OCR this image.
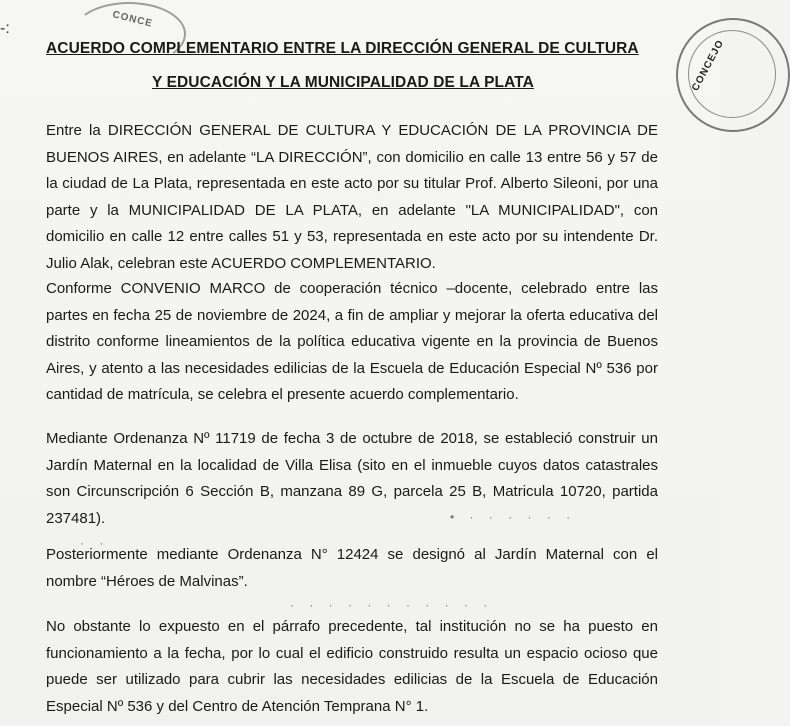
-:	CONCE
CONCEJO
ACUERDO COMPLEMENTARIO ENTRE LA DIRECCIÓN GENERAL DE CULTURA
Y EDUCACIÓN Y LA MUNICIPALIDAD DE LA PLATA

Entre la DIRECCIÓN GENERAL DE CULTURA Y EDUCACIÓN DE LA PROVINCIA DE BUENOS AIRES, en adelante “LA DIRECCIÓN”, con domicilio en calle 13 entre 56 y 57 de la ciudad de La Plata, representada en este acto por su titular Prof. Alberto Sileoni, por una parte y la MUNICIPALIDAD DE LA PLATA, en adelante "LA MUNICIPALIDAD", con domicilio en calle 12 entre calles 51 y 53, representada en este acto por su intendente Dr. Julio Alak, celebran este ACUERDO COMPLEMENTARIO.

Conforme CONVENIO MARCO de cooperación técnico –docente, celebrado entre las partes en fecha 25 de noviembre de 2024, a fin de ampliar y mejorar la oferta educativa del distrito conforme lineamientos de la política educativa vigente en la provincia de Buenos Aires, y atento a las necesidades edilicias de la Escuela de Educación Especial Nº 536 por cantidad de matrícula, se celebra el presente acuerdo complementario.

Mediante Ordenanza Nº 11719 de fecha 3 de octubre de 2018, se estableció construir un Jardín Maternal en la localidad de Villa Elisa (sito en el inmueble cuyos datos catastrales son Circunscripción 6 Sección B, manzana 89 G, parcela 25 B, Matricula 10720, partida 237481).

Posteriormente mediante Ordenanza N° 12424 se designó al Jardín Maternal con el nombre “Héroes de Malvinas”.

No obstante lo expuesto en el párrafo precedente, tal institución no se ha puesto en funcionamiento a la fecha, por lo cual el edificio construido resulta un espacio ocioso que puede ser utilizado para cubrir las necesidades edilicias de la Escuela de Educación Especial Nº 536 y del Centro de Atención Temprana N° 1.

• · · · · · ·
· ·
· · · · · · · · · · ·
